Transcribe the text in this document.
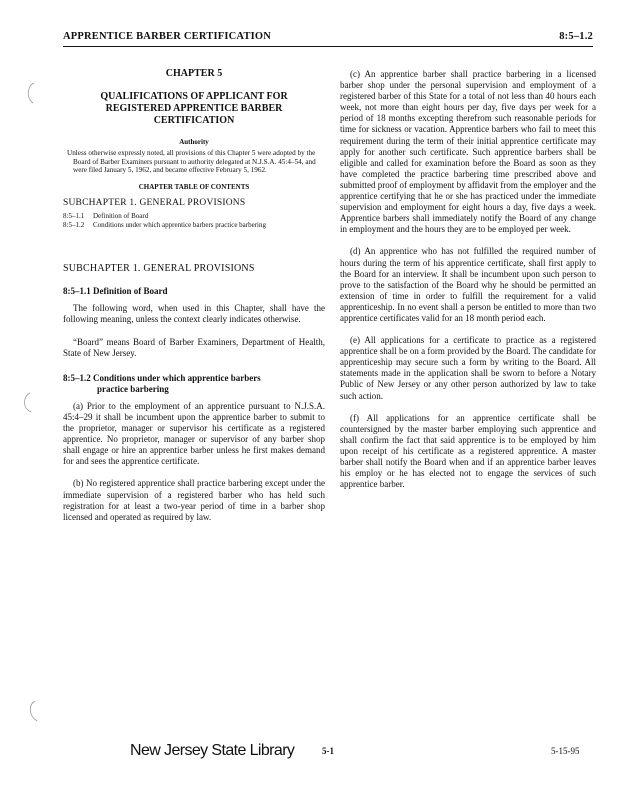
APPRENTICE BARBER CERTIFICATION	8:5–1.2
CHAPTER 5
QUALIFICATIONS OF APPLICANT FOR REGISTERED APPRENTICE BARBER CERTIFICATION
Authority
Unless otherwise expressly noted, all provisions of this Chapter 5 were adopted by the Board of Barber Examiners pursuant to authority delegated at N.J.S.A. 45:4–54, and were filed January 5, 1962, and became effective February 5, 1962.
CHAPTER TABLE OF CONTENTS
SUBCHAPTER 1. GENERAL PROVISIONS
8:5–1.1	Definition of Board
8:5–1.2	Conditions under which apprentice barbers practice barbering
SUBCHAPTER 1. GENERAL PROVISIONS
8:5–1.1 Definition of Board

The following word, when used in this Chapter, shall have the following meaning, unless the context clearly indicates otherwise.

“Board” means Board of Barber Examiners, Department of Health, State of New Jersey.

8:5–1.2 Conditions under which apprentice barbers
practice barbering

(a) Prior to the employment of an apprentice pursuant to N.J.S.A. 45:4–29 it shall be incumbent upon the apprentice barber to submit to the proprietor, manager or supervisor his certificate as a registered apprentice. No proprietor, manager or supervisor of any barber shop shall engage or hire an apprentice barber unless he first makes demand for and sees the apprentice certificate.

(b) No registered apprentice shall practice barbering except under the immediate supervision of a registered barber who has held such registration for at least a two-year period of time in a barber shop licensed and operated as required by law.

(c) An apprentice barber shall practice barbering in a licensed barber shop under the personal supervision and employment of a registered barber of this State for a total of not less than 40 hours each week, not more than eight hours per day, five days per week for a period of 18 months excepting therefrom such reasonable periods for time for sickness or vacation. Apprentice barbers who fail to meet this requirement during the term of their initial apprentice certificate may apply for another such certificate. Such apprentice barbers shall be eligible and called for examination before the Board as soon as they have completed the practice barbering time prescribed above and submitted proof of employment by affidavit from the employer and the apprentice certifying that he or she has practiced under the immediate supervision and employment for eight hours a day, five days a week. Apprentice barbers shall immediately notify the Board of any change in employment and the hours they are to be employed per week.

(d) An apprentice who has not fulfilled the required number of hours during the term of his apprentice certificate, shall first apply to the Board for an interview. It shall be incumbent upon such person to prove to the satisfaction of the Board why he should be permitted an extension of time in order to fulfill the requirement for a valid apprenticeship. In no event shall a person be entitled to more than two apprentice certificates valid for an 18 month period each.

(e) All applications for a certificate to practice as a registered apprentice shall be on a form provided by the Board. The candidate for apprenticeship may secure such a form by writing to the Board. All statements made in the application shall be sworn to before a Notary Public of New Jersey or any other person authorized by law to take such action.

(f) All applications for an apprentice certificate shall be countersigned by the master barber employing such apprentice and shall confirm the fact that said apprentice is to be employed by him upon receipt of his certificate as a registered apprentice. A master barber shall notify the Board when and if an apprentice barber leaves his employ or he has elected not to engage the services of such apprentice barber.

New Jersey State Library	5-1	5-15-95
